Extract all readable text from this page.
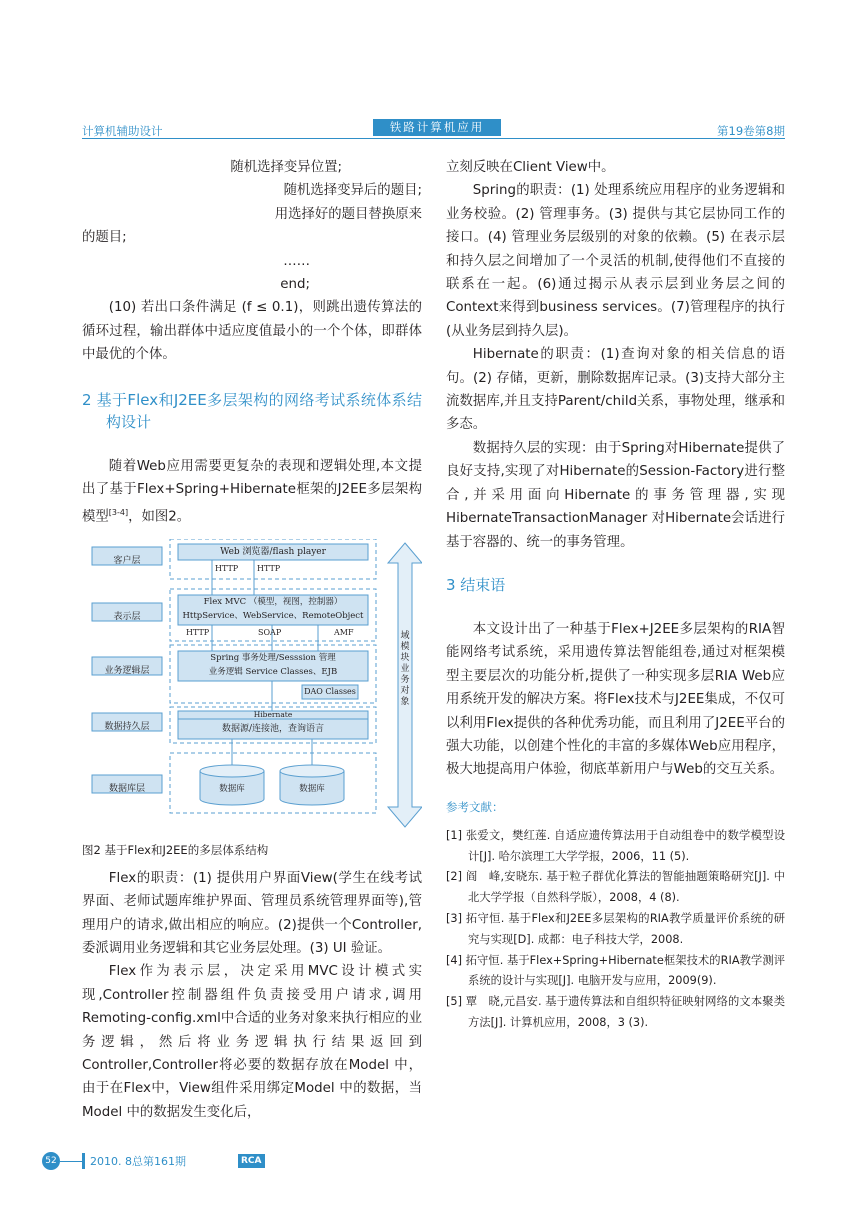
计算机辅助设计	铁路计算机应用	第19卷第8期

随机选择变异位置;

随机选择变异后的题目;

用选择好的题目替换原来

的题目;

……

end;

(10) 若出口条件满足 (f ≤ 0.1)，则跳出遗传算法的循环过程，输出群体中适应度值最小的一个个体，即群体中最优的个体。

2 基于Flex和J2EE多层架构的网络考试系统体系结构设计

随着Web应用需要更复杂的表现和逻辑处理,本文提出了基于Flex+Spring+Hibernate框架的J2EE多层架构模型[3-4]，如图2。

客户层
表示层
业务逻辑层
数据持久层
数据库层
Web 浏览器/flash player
HTTP HTTP
Flex MVC （模型，视图，控制器）
HttpService、WebService、RemoteObject
HTTP	SOAP	AMF
Spring 事务处理/Sesssion 管理
业务逻辑 Service Classes、EJB
DAO Classes
Hibernate
数据源/连接池，查询语言
数据库	数据库
域模块业务对象

图2 基于Flex和J2EE的多层体系结构

Flex的职责：(1) 提供用户界面View(学生在线考试界面、老师试题库维护界面、管理员系统管理界面等),管理用户的请求,做出相应的响应。(2)提供一个Controller,委派调用业务逻辑和其它业务层处理。(3) UI 验证。

Flex作为表示层，决定采用MVC设计模式实现,Controller控制器组件负责接受用户请求,调用Remoting-config.xml中合适的业务对象来执行相应的业务逻辑，然后将业务逻辑执行结果返回到Controller,Controller将必要的数据存放在Model 中，由于在Flex中，View组件采用绑定Model 中的数据，当Model 中的数据发生变化后，

立刻反映在Client View中。

Spring的职责：(1) 处理系统应用程序的业务逻辑和业务校验。(2) 管理事务。(3) 提供与其它层协同工作的接口。(4) 管理业务层级别的对象的依赖。(5) 在表示层和持久层之间增加了一个灵活的机制,使得他们不直接的联系在一起。(6)通过揭示从表示层到业务层之间的Context来得到business services。(7)管理程序的执行(从业务层到持久层)。

Hibernate的职责：(1)查询对象的相关信息的语句。(2) 存储，更新，删除数据库记录。(3)支持大部分主流数据库,并且支持Parent/child关系，事物处理，继承和多态。

数据持久层的实现：由于Spring对Hibernate提供了良好支持,实现了对Hibernate的Session-Factory进行整合,并采用面向Hibernate的事务管理器,实现 HibernateTransactionManager 对Hibernate会话进行基于容器的、统一的事务管理。

3 结束语

本文设计出了一种基于Flex+J2EE多层架构的RIA智能网络考试系统，采用遗传算法智能组卷,通过对框架模型主要层次的功能分析,提供了一种实现多层RIA Web应用系统开发的解决方案。将Flex技术与J2EE集成，不仅可以利用Flex提供的各种优秀功能，而且利用了J2EE平台的强大功能，以创建个性化的丰富的多媒体Web应用程序，极大地提高用户体验，彻底革新用户与Web的交互关系。

参考文献：

[1] 张爱文，樊红莲. 自适应遗传算法用于自动组卷中的数学模型设计[J]. 哈尔滨理工大学学报，2006，11 (5).

[2] 阎　峰,安晓东. 基于粒子群优化算法的智能抽题策略研究[J]. 中北大学学报（自然科学版），2008，4 (8).

[3] 拓守恒. 基于Flex和J2EE多层架构的RIA教学质量评价系统的研究与实现[D]. 成都：电子科技大学，2008.

[4] 拓守恒. 基于Flex+Spring+Hibernate框架技术的RIA教学测评系统的设计与实现[J]. 电脑开发与应用，2009(9).

[5] 覃　晓,元昌安. 基于遗传算法和自组织特征映射网络的文本聚类方法[J]. 计算机应用，2008，3 (3).

52	2010. 8总第161期	RCA
